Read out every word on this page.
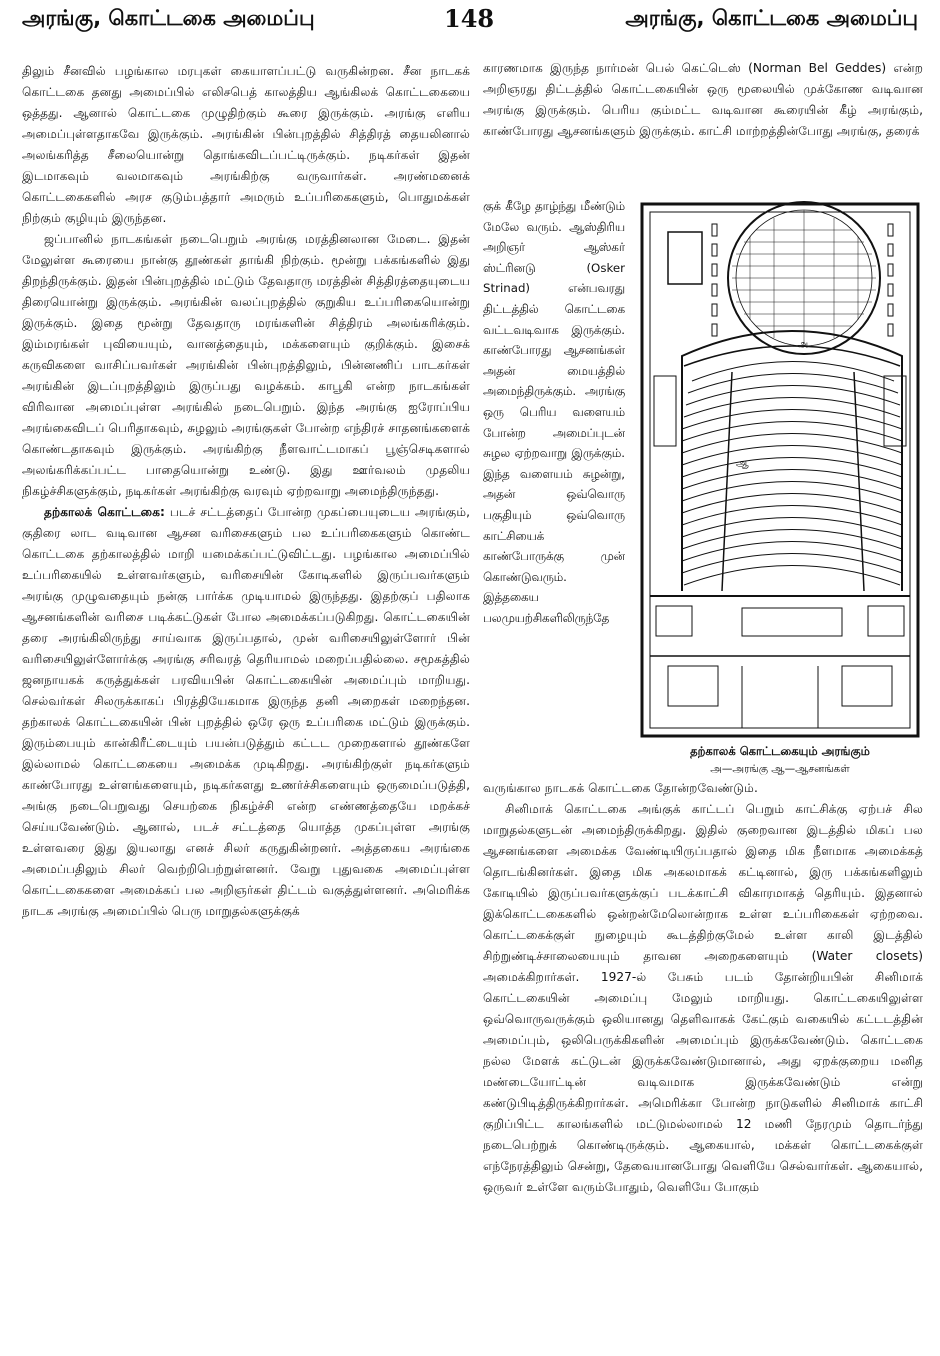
அரங்கு, கொட்டகை அமைப்பு	148	அரங்கு, கொட்டகை அமைப்பு

திலும் சீனவில் பழங்கால மரபுகள் கையாளப்பட்டு வருகின்றன. சீன நாடகக் கொட்டகை தனது அமைப்பில் எலிசபெத் காலத்திய ஆங்கிலக் கொட்டகையை ஒத்தது. ஆனால் கொட்டகை முழுதிற்கும் கூரை இருக்கும். அரங்கு எளிய அமைப்புள்ளதாகவே இருக்கும். அரங்கின் பின்புறத்தில் சித்திரத் தையலினால் அலங்கரித்த சீலையொன்று தொங்கவிடப்பட்டிருக்கும். நடிகர்கள் இதன் இடமாகவும் வலமாகவும் அரங்கிற்கு வருவார்கள். அரண்மனைக் கொட்டகைகளில் அரச குடும்பத்தார் அமரும் உப்பரிகைகளும், பொதுமக்கள் நிற்கும் குழியும் இருந்தன.

ஜப்பானில் நாடகங்கள் நடைபெறும் அரங்கு மரத்தினலான மேடை. இதன் மேலுள்ள கூரையை நான்கு தூண்கள் தாங்கி நிற்கும். மூன்று பக்கங்களில் இது திறந்திருக்கும். இதன் பின்புறத்தில் மட்டும் தேவதாரு மரத்தின் சித்திரத்தையுடைய திரையொன்று இருக்கும். அரங்கின் வலப்புறத்தில் குறுகிய உப்பரிகையொன்று இருக்கும். இதை மூன்று தேவதாரு மரங்களின் சித்திரம் அலங்கரிக்கும். இம்மரங்கள் புவியையும், வானத்தையும், மக்களையும் குறிக்கும். இசைக் கருவிகளை வாசிப்பவர்கள் அரங்கின் பின்புறத்திலும், பின்னணிப் பாடகர்கள் அரங்கின் இடப்புறத்திலும் இருப்பது வழக்கம். காபூகி என்ற நாடகங்கள் விரிவான அமைப்புள்ள அரங்கில் நடைபெறும். இந்த அரங்கு ஐரோப்பிய அரங்கைவிடப் பெரிதாகவும், சுழலும் அரங்குகள் போன்ற எந்திரச் சாதனங்களைக் கொண்டதாகவும் இருக்கும். அரங்கிற்கு நீளவாட்டமாகப் பூஞ்செடிகளால் அலங்கரிக்கப்பட்ட பாதையொன்று உண்டு. இது ஊர்வலம் முதலிய நிகழ்ச்சிகளுக்கும், நடிகர்கள் அரங்கிற்கு வரவும் ஏற்றவாறு அமைந்திருந்தது.

தற்காலக் கொட்டகை: படச் சட்டத்தைப் போன்ற முகப்பையுடைய அரங்கும், குதிரை லாட வடிவான ஆசன வரிசைகளும் பல உப்பரிகைகளும் கொண்ட கொட்டகை தற்காலத்தில் மாறி யமைக்கப்பட்டுவிட்டது. பழங்கால அமைப்பில் உப்பரிகையில் உள்ளவர்களும், வரிசையின் கோடிகளில் இருப்பவர்களும் அரங்கு முழுவதையும் நன்கு பார்க்க முடியாமல் இருந்தது. இதற்குப் பதிலாக ஆசனங்களின் வரிசை படிக்கட்டுகள் போல அமைக்கப்படுகிறது. கொட்டகையின் தரை அரங்கிலிருந்து சாய்வாக இருப்பதால், முன் வரிசையிலுள்ளோர் பின் வரிசையிலுள்ளோர்க்கு அரங்கு சரிவரத் தெரியாமல் மறைப்பதில்லை. சமூகத்தில் ஜனநாயகக் கருத்துக்கள் பரவியபின் கொட்டகையின் அமைப்பும் மாறியது. செல்வர்கள் சிலருக்காகப் பிரத்தியேகமாக இருந்த தனி அறைகள் மறைந்தன. தற்காலக் கொட்டகையின் பின் புறத்தில் ஒரே ஒரு உப்பரிகை மட்டும் இருக்கும். இரும்பையும் கான்கிரீட்டையும் பயன்படுத்தும் கட்டட முறைகளால் தூண்களே இல்லாமல் கொட்டகையை அமைக்க முடிகிறது. அரங்கிற்குள் நடிகர்களும் காண்போரது உள்ளங்களையும், நடிகர்களது உணர்ச்சிகளையும் ஒருமைப்படுத்தி, அங்கு நடைபெறுவது செயற்கை நிகழ்ச்சி என்ற எண்ணத்தையே மறக்கச் செய்யவேண்டும். ஆனால், படச் சட்டத்தை யொத்த முகப்புள்ள அரங்கு உள்ளவரை இது இயலாது எனச் சிலர் கருதுகின்றனர். அத்தகைய அரங்கை அமைப்பதிலும் சிலர் வெற்றிபெற்றுள்ளனர். வேறு புதுவகை அமைப்புள்ள கொட்டகைகளை அமைக்கப் பல அறிஞர்கள் திட்டம் வகுத்துள்ளனர். அமெரிக்க நாடக அரங்கு அமைப்பில் பெரு மாறுதல்களுக்குக்

காரணமாக இருந்த நார்மன் பெல் கெட்டெஸ் (Norman Bel Geddes) என்ற அறிஞரது திட்டத்தில் கொட்டகையின் ஒரு மூலையில் முக்கோண வடிவான அரங்கு இருக்கும். பெரிய கும்மட்ட வடிவான கூரையின் கீழ் அரங்கும், காண்போரது ஆசனங்களும் இருக்கும். காட்சி மாற்றத்தின்போது அரங்கு, தரைக்

குக் கீழே தாழ்ந்து மீண்டும் மேலே வரும். ஆஸ்திரிய அறிஞர் ஆஸ்கர் ஸ்ட்ரினடு (Osker Strinad) என்பவரது திட்டத்தில் கொட்டகை வட்டவடிவாக இருக்கும். காண்போரது ஆசனங்கள் அதன் மையத்தில் அமைந்திருக்கும். அரங்கு ஒரு பெரிய வளையம் போன்ற அமைப்புடன் சுழல ஏற்றவாறு இருக்கும். இந்த வளையம் சுழன்று, அதன் ஒவ்வொரு பகுதியும் ஒவ்வொரு காட்சியைக் காண்போருக்கு முன் கொண்டுவரும். இத்தகைய பலமுயற்சிகளிலிருந்தே

அ
ஆ
தற்காலக் கொட்டகையும் அரங்கும்
அ—அரங்கு ஆ—ஆசனங்கள்

வருங்கால நாடகக் கொட்டகை தோன்றவேண்டும்.

சினிமாக் கொட்டகை அங்குக் காட்டப் பெறும் காட்சிக்கு ஏற்பச் சில மாறுதல்களுடன் அமைந்திருக்கிறது. இதில் குறைவான இடத்தில் மிகப் பல ஆசனங்களை அமைக்க வேண்டியிருப்பதால் இதை மிக நீளமாக அமைக்கத் தொடங்கினர்கள். இதை மிக அகலமாகக் கட்டினால், இரு பக்கங்களிலும் கோடியில் இருப்பவர்களுக்குப் படக்காட்சி விகாரமாகத் தெரியும். இதனால் இக்கொட்டகைகளில் ஒன்றன்மேலொன்றாக உள்ள உப்பரிகைகள் ஏற்றவை. கொட்டகைக்குள் நுழையும் கூடத்திற்குமேல் உள்ள காலி இடத்தில் சிற்றுண்டிச்சாலையையும் தாவன அறைகளையும் (Water closets) அமைக்கிறார்கள். 1927-ல் பேசும் படம் தோன்றியபின் சினிமாக் கொட்டகையின் அமைப்பு மேலும் மாறியது. கொட்டகையிலுள்ள ஒவ்வொருவருக்கும் ஒலியானது தெளிவாகக் கேட்கும் வகையில் கட்டடத்தின் அமைப்பும், ஒலிபெருக்கிகளின் அமைப்பும் இருக்கவேண்டும். கொட்டகை நல்ல மேளக் கட்டுடன் இருக்கவேண்டுமானால், அது ஏறக்குறைய மனித மண்டையோட்டின் வடிவமாக இருக்கவேண்டும் என்று கண்டுபிடித்திருக்கிறார்கள். அமெரிக்கா போன்ற நாடுகளில் சினிமாக் காட்சி குறிப்பிட்ட காலங்களில் மட்டுமல்லாமல் 12 மணி நேரமும் தொடர்ந்து நடைபெற்றுக் கொண்டிருக்கும். ஆகையால், மக்கள் கொட்டகைக்குள் எந்நேரத்திலும் சென்று, தேவையானபோது வெளியே செல்வார்கள். ஆகையால், ஒருவர் உள்ளே வரும்போதும், வெளியே போகும்
